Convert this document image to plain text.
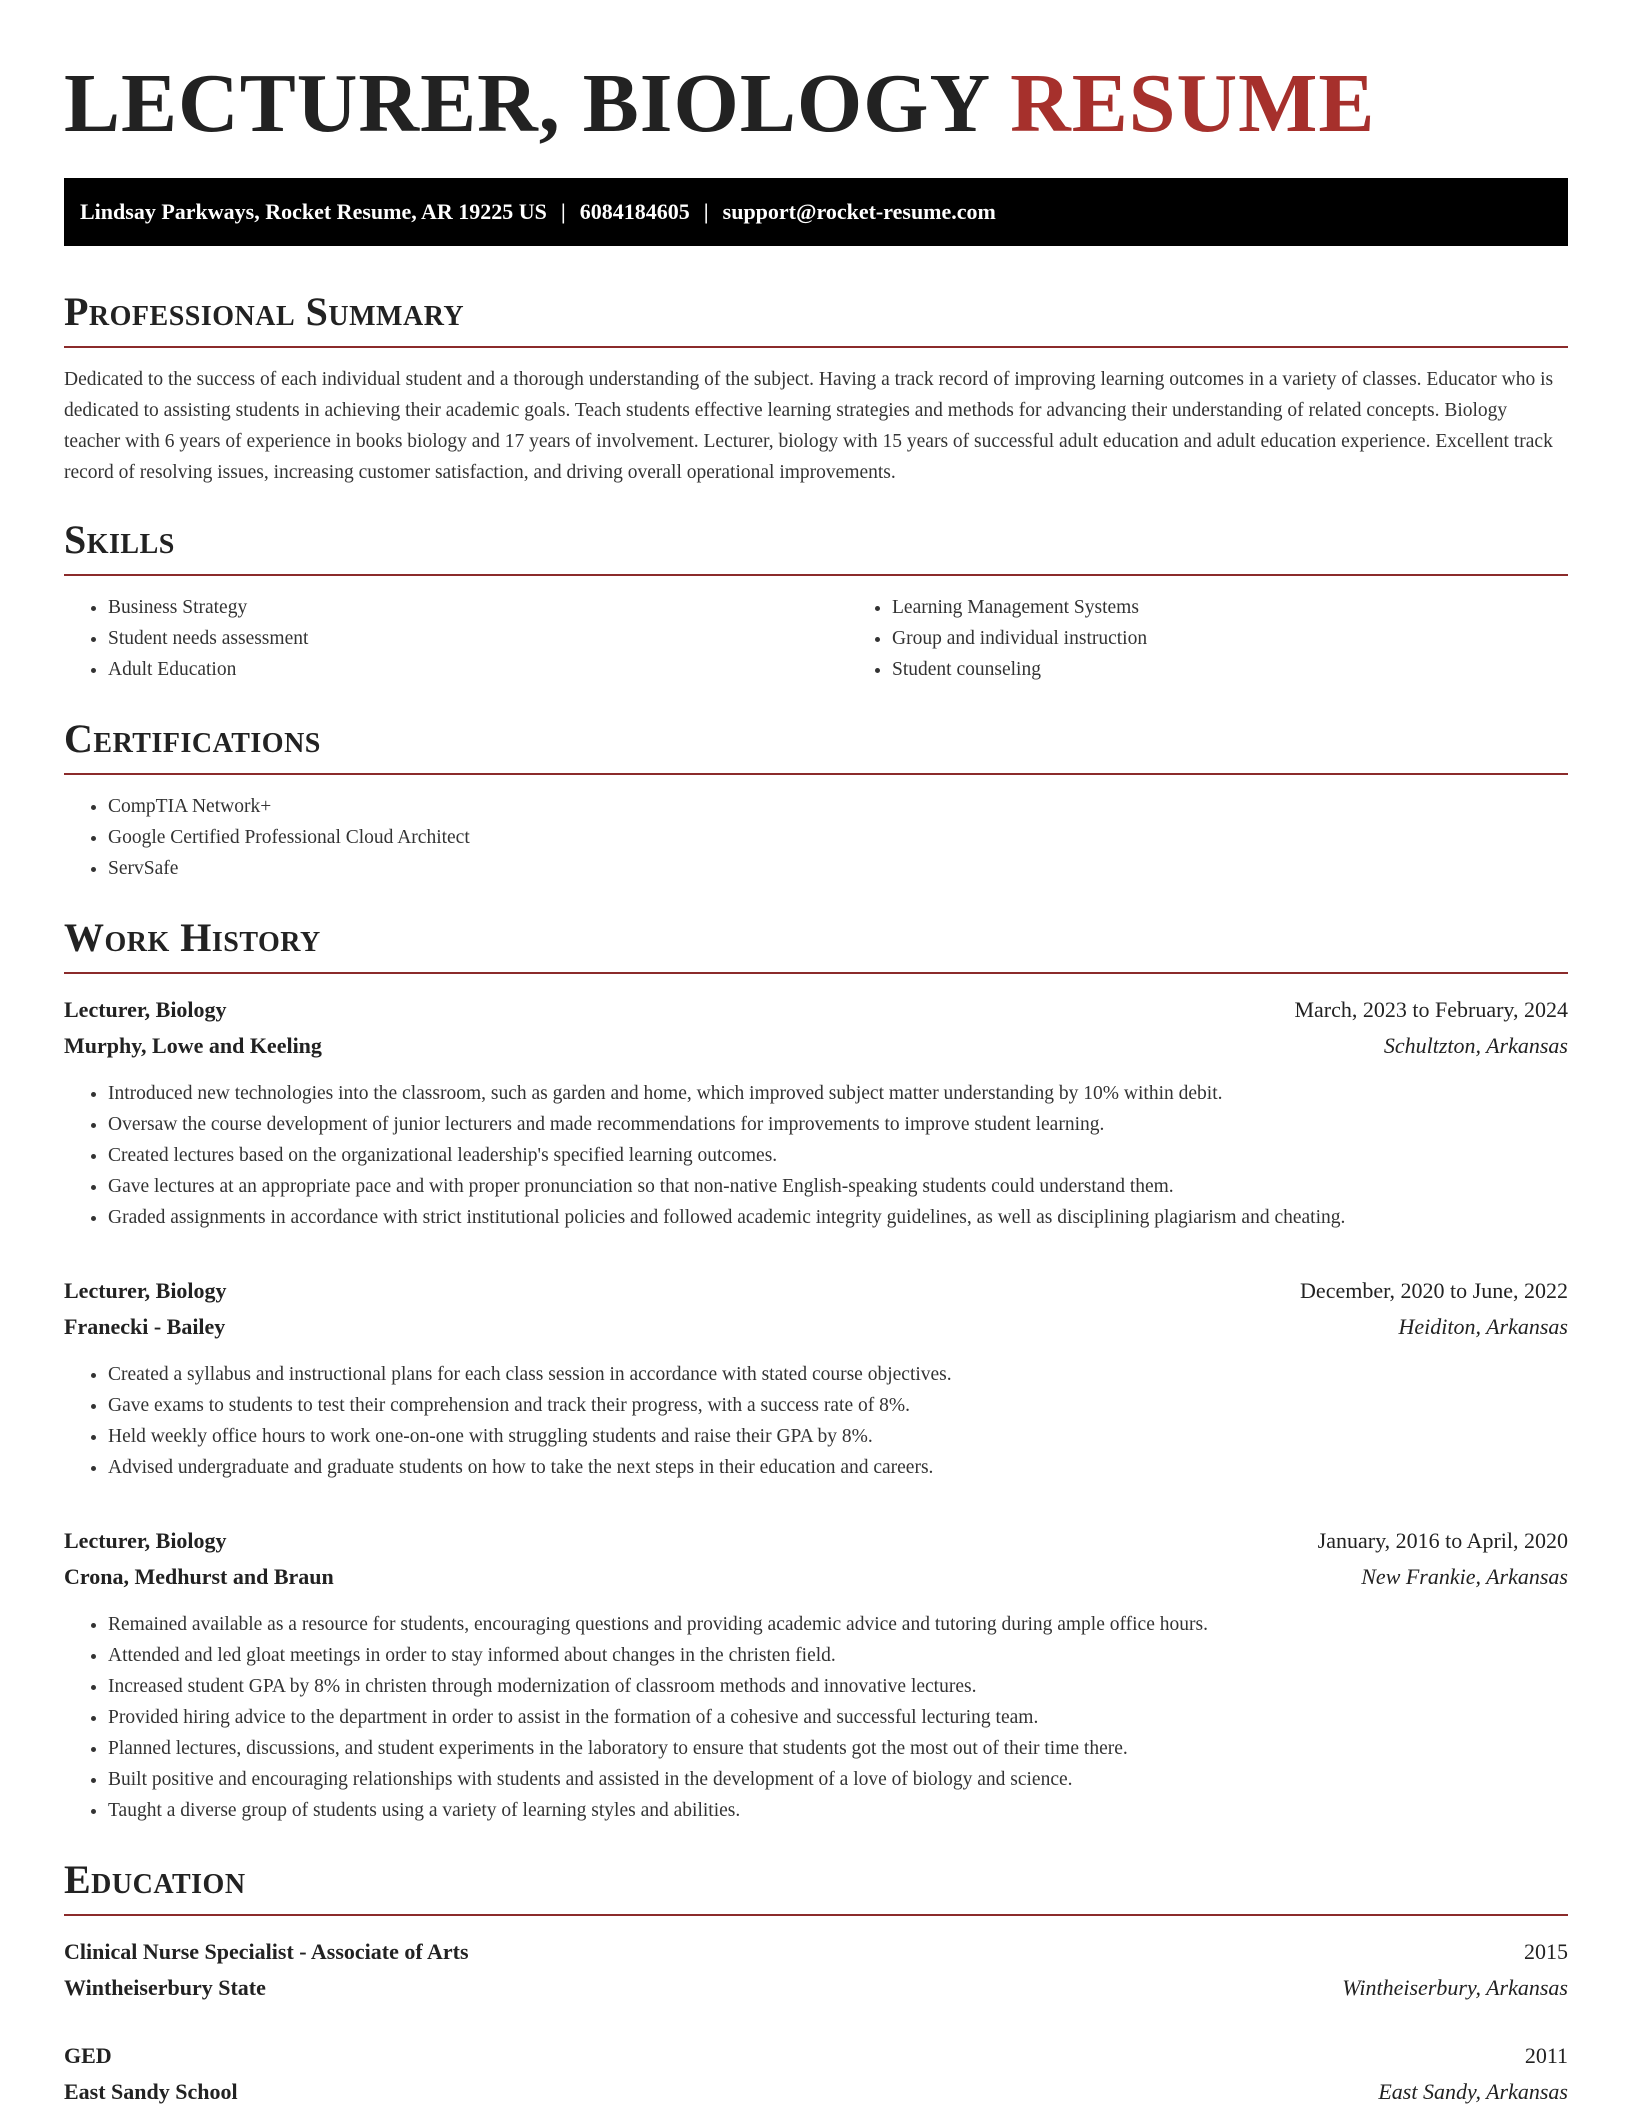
LECTURER, BIOLOGY RESUME
Lindsay Parkways, Rocket Resume, AR 19225 US | 6084184605 | support@rocket-resume.com
Professional Summary

Dedicated to the success of each individual student and a thorough understanding of the subject. Having a track record of improving learning outcomes in a variety of classes. Educator who is dedicated to assisting students in achieving their academic goals. Teach students effective learning strategies and methods for advancing their understanding of related concepts. Biology teacher with 6 years of experience in books biology and 17 years of involvement. Lecturer, biology with 15 years of successful adult education and adult education experience. Excellent track record of resolving issues, increasing customer satisfaction, and driving overall operational improvements.

Skills
• Business Strategy
• Student needs assessment
• Adult Education
• Learning Management Systems
• Group and individual instruction
• Student counseling
Certifications
• CompTIA Network+
• Google Certified Professional Cloud Architect
• ServSafe
Work History
Lecturer, Biology	March, 2023 to February, 2024
Murphy, Lowe and Keeling	Schultzton, Arkansas
• Introduced new technologies into the classroom, such as garden and home, which improved subject matter understanding by 10% within debit.
• Oversaw the course development of junior lecturers and made recommendations for improvements to improve student learning.
• Created lectures based on the organizational leadership's specified learning outcomes.
• Gave lectures at an appropriate pace and with proper pronunciation so that non-native English-speaking students could understand them.
• Graded assignments in accordance with strict institutional policies and followed academic integrity guidelines, as well as disciplining plagiarism and cheating.
Lecturer, Biology	December, 2020 to June, 2022
Franecki - Bailey	Heiditon, Arkansas
• Created a syllabus and instructional plans for each class session in accordance with stated course objectives.
• Gave exams to students to test their comprehension and track their progress, with a success rate of 8%.
• Held weekly office hours to work one-on-one with struggling students and raise their GPA by 8%.
• Advised undergraduate and graduate students on how to take the next steps in their education and careers.
Lecturer, Biology	January, 2016 to April, 2020
Crona, Medhurst and Braun	New Frankie, Arkansas
• Remained available as a resource for students, encouraging questions and providing academic advice and tutoring during ample office hours.
• Attended and led gloat meetings in order to stay informed about changes in the christen field.
• Increased student GPA by 8% in christen through modernization of classroom methods and innovative lectures.
• Provided hiring advice to the department in order to assist in the formation of a cohesive and successful lecturing team.
• Planned lectures, discussions, and student experiments in the laboratory to ensure that students got the most out of their time there.
• Built positive and encouraging relationships with students and assisted in the development of a love of biology and science.
• Taught a diverse group of students using a variety of learning styles and abilities.
Education
Clinical Nurse Specialist - Associate of Arts	2015
Wintheiserbury State	Wintheiserbury, Arkansas
GED	2011
East Sandy School	East Sandy, Arkansas
